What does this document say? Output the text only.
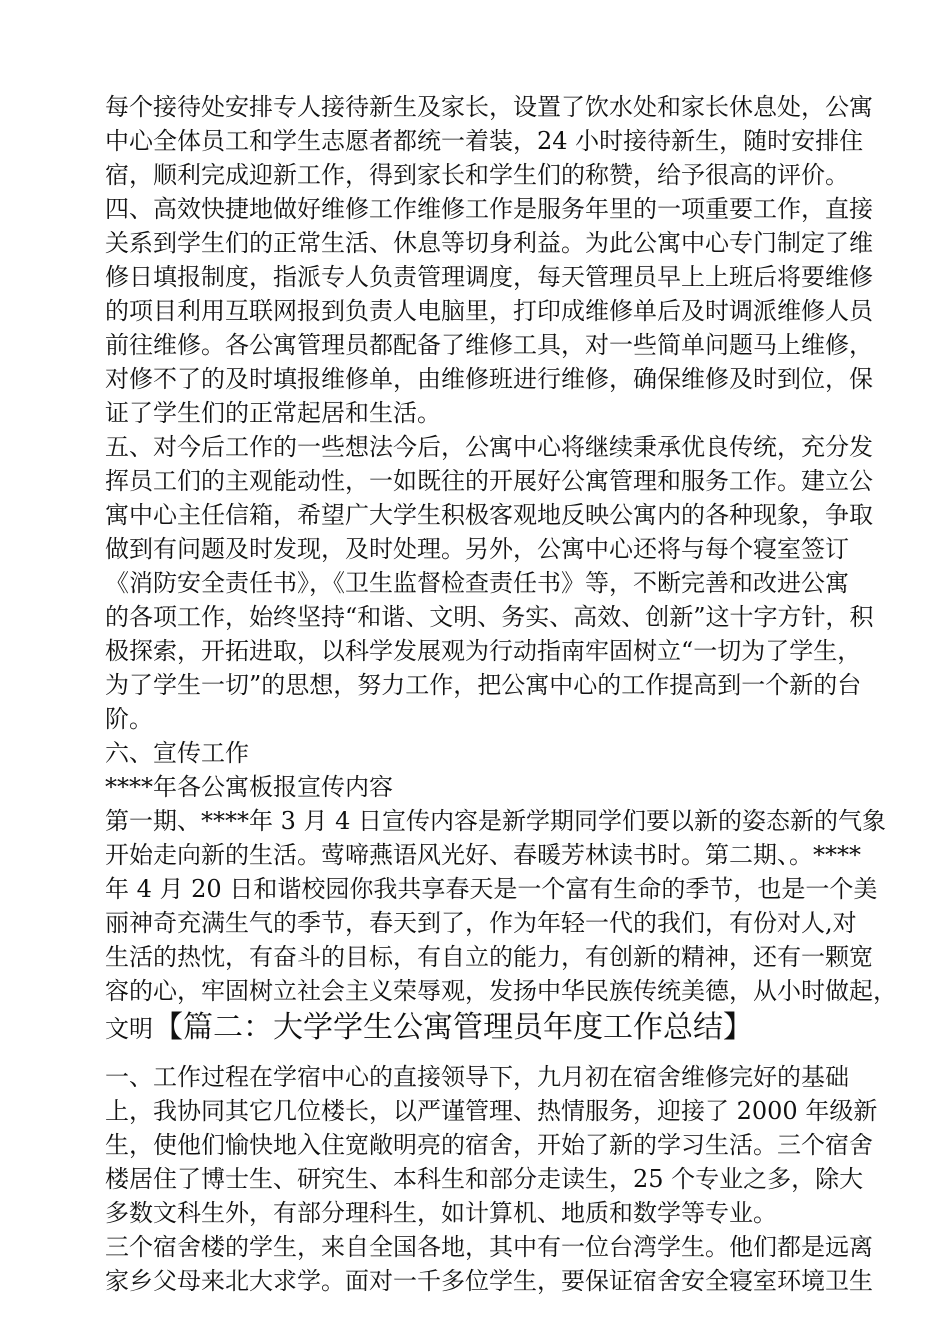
每个接待处安排专人接待新生及家长，设置了饮水处和家长休息处，公寓
中心全体员工和学生志愿者都统一着装，24 小时接待新生，随时安排住
宿，顺利完成迎新工作，得到家长和学生们的称赞，给予很高的评价。
四、高效快捷地做好维修工作维修工作是服务年里的一项重要工作，直接
关系到学生们的正常生活、休息等切身利益。为此公寓中心专门制定了维
修日填报制度，指派专人负责管理调度，每天管理员早上上班后将要维修
的项目利用互联网报到负责人电脑里，打印成维修单后及时调派维修人员
前往维修。各公寓管理员都配备了维修工具，对一些简单问题马上维修，
对修不了的及时填报维修单，由维修班进行维修，确保维修及时到位，保
证了学生们的正常起居和生活。
五、对今后工作的一些想法今后，公寓中心将继续秉承优良传统，充分发
挥员工们的主观能动性，一如既往的开展好公寓管理和服务工作。建立公
寓中心主任信箱，希望广大学生积极客观地反映公寓内的各种现象，争取
做到有问题及时发现，及时处理。另外，公寓中心还将与每个寝室签订
《消防安全责任书》，《卫生监督检查责任书》等，不断完善和改进公寓
的各项工作，始终坚持“和谐、文明、务实、高效、创新”这十字方针，积
极探索，开拓进取，以科学发展观为行动指南牢固树立“一切为了学生，
为了学生一切”的思想，努力工作，把公寓中心的工作提高到一个新的台
阶。
六、宣传工作
****年各公寓板报宣传内容
第一期、****年 3 月 4 日宣传内容是新学期同学们要以新的姿态新的气象
开始走向新的生活。莺啼燕语风光好、春暖芳林读书时。第二期、。****
年 4 月 20 日和谐校园你我共享春天是一个富有生命的季节，也是一个美
丽神奇充满生气的季节，春天到了，作为年轻一代的我们，有份对人,对
生活的热忱，有奋斗的目标，有自立的能力，有创新的精神，还有一颗宽
容的心，牢固树立社会主义荣辱观，发扬中华民族传统美德，从小时做起，
文明【篇二：大学学生公寓管理员年度工作总结】
一、工作过程在学宿中心的直接领导下，九月初在宿舍维修完好的基础
上，我协同其它几位楼长，以严谨管理、热情服务，迎接了 2000 年级新
生，使他们愉快地入住宽敞明亮的宿舍，开始了新的学习生活。三个宿舍
楼居住了博士生、研究生、本科生和部分走读生，25 个专业之多，除大
多数文科生外，有部分理科生，如计算机、地质和数学等专业。
三个宿舍楼的学生，来自全国各地，其中有一位台湾学生。他们都是远离
家乡父母来北大求学。面对一千多位学生，要保证宿舍安全寝室环境卫生
